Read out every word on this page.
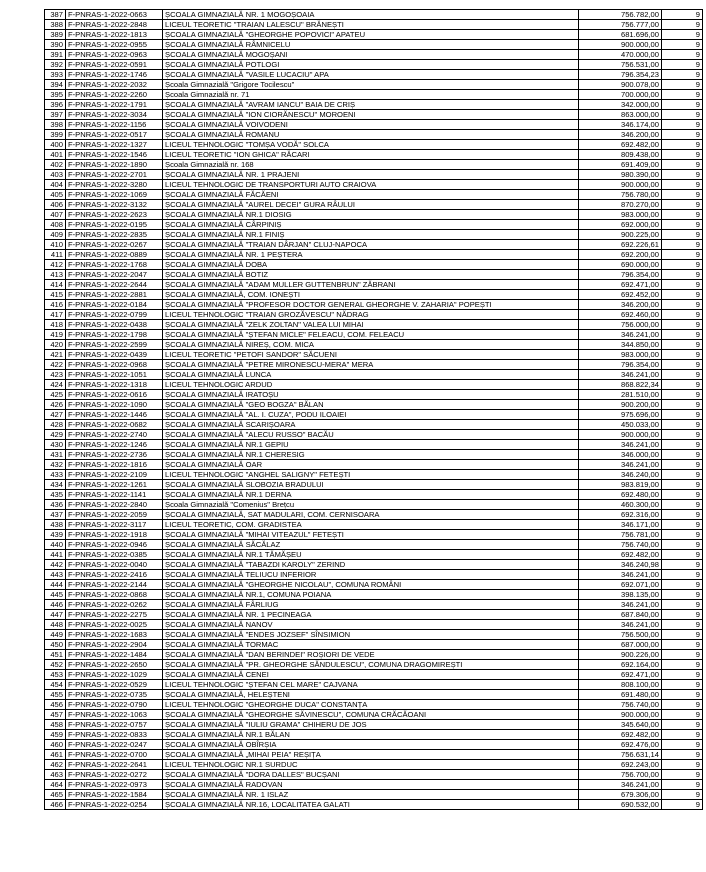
387	F-PNRAS-1-2022-0663	ȘCOALA GIMNAZIALĂ NR. 1 MOGOȘOAIA	756.782,00	9
388	F-PNRAS-1-2022-2848	LICEUL TEORETIC "TRAIAN LALESCU" BRĂNEȘTI	756.777,00	9
389	F-PNRAS-1-2022-1813	ȘCOALA GIMNAZIALĂ "GHEORGHE POPOVICI" APATEU	681.696,00	9
390	F-PNRAS-1-2022-0955	ȘCOALA GIMNAZIALĂ RÂMNICELU	900.000,00	9
391	F-PNRAS-1-2022-0963	ȘCOALA GIMNAZIALĂ MOGOȘANI	470.000,00	9
392	F-PNRAS-1-2022-0591	ȘCOALA GIMNAZIALĂ POTLOGI	756.531,00	9
393	F-PNRAS-1-2022-1746	ȘCOALA GIMNAZIALĂ "VASILE LUCACIU" APA	796.354,23	9
394	F-PNRAS-1-2022-2032	Școala Gimnazială "Grigore Tocilescu"	900.078,00	9
395	F-PNRAS-1-2022-2260	Școala Gimnazială nr. 71	700.000,00	9
396	F-PNRAS-1-2022-1791	ȘCOALA GIMNAZIALĂ "AVRAM IANCU" BAIA DE CRIȘ	342.000,00	9
397	F-PNRAS-1-2022-3034	ȘCOALA GIMNAZIALĂ "ION CIORĂNESCU" MOROENI	863.000,00	9
398	F-PNRAS-1-2022-1156	ȘCOALA GIMNAZIALĂ VOIVODENI	346.174,00	9
399	F-PNRAS-1-2022-0517	ȘCOALA GIMNAZIALĂ ROMANU	346.200,00	9
400	F-PNRAS-1-2022-1327	LICEUL TEHNOLOGIC "TOMȘA VODĂ" SOLCA	692.482,00	9
401	F-PNRAS-1-2022-1546	LICEUL TEORETIC "ION GHICA" RĂCARI	809.438,00	9
402	F-PNRAS-1-2022-1890	Școala Gimnazială nr. 168	691.409,00	9
403	F-PNRAS-1-2022-2701	ȘCOALA GIMNAZIALĂ NR. 1 PRAJENI	980.390,00	9
404	F-PNRAS-1-2022-3280	LICEUL TEHNOLOGIC DE TRANSPORTURI AUTO CRAIOVA	900.000,00	9
405	F-PNRAS-1-2022-1069	ȘCOALA GIMNAZIALĂ FĂCĂENI	756.780,00	9
406	F-PNRAS-1-2022-3132	ȘCOALA GIMNAZIALĂ "AUREL DECEI" GURA RÂULUI	870.270,00	9
407	F-PNRAS-1-2022-2623	ȘCOALA GIMNAZIALĂ NR.1 DIOSIG	983.000,00	9
408	F-PNRAS-1-2022-0195	ȘCOALA GIMNAZIALĂ CÂRPINIȘ	692.000,00	9
409	F-PNRAS-1-2022-2835	ȘCOALA GIMNAZIALĂ NR.1 FINIȘ	900.225,00	9
410	F-PNRAS-1-2022-0267	ȘCOALA GIMNAZIALĂ "TRAIAN DÂRJAN" CLUJ-NAPOCA	692.226,61	9
411	F-PNRAS-1-2022-0889	ȘCOALA GIMNAZIALĂ NR. 1 PEȘTERA	692.200,00	9
412	F-PNRAS-1-2022-1768	ȘCOALA GIMNAZIALĂ DOBA	690.000,00	9
413	F-PNRAS-1-2022-2047	ȘCOALA GIMNAZIALĂ BOTIZ	796.354,00	9
414	F-PNRAS-1-2022-2644	ȘCOALA GIMNAZIALĂ "ADAM MULLER GUTTENBRUN" ZĂBRANI	692.471,00	9
415	F-PNRAS-1-2022-2881	ȘCOALA GIMNAZIALĂ, COM. IONEȘTI	692.452,00	9
416	F-PNRAS-1-2022-0184	ȘCOALA GIMNAZIALĂ "PROFESOR DOCTOR GENERAL GHEORGHE V. ZAHARIA" POPEȘTI	346.200,00	9
417	F-PNRAS-1-2022-0799	LICEUL TEHNOLOGIC "TRAIAN GROZĂVESCU" NĂDRAG	692.460,00	9
418	F-PNRAS-1-2022-0438	ȘCOALA GIMNAZIALĂ "ZELK ZOLTAN" VALEA LUI MIHAI	756.000,00	9
419	F-PNRAS-1-2022-1798	ȘCOALA GIMNAZIALĂ "ȘTEFAN MICLE" FELEACU, COM. FELEACU	346.241,00	9
420	F-PNRAS-1-2022-2599	ȘCOALA GIMNAZIALĂ NIREȘ, COM. MICA	344.850,00	9
421	F-PNRAS-1-2022-0439	LICEUL TEORETIC "PETOFI SANDOR" SĂCUENI	983.000,00	9
422	F-PNRAS-1-2022-0968	ȘCOALA GIMNAZIALĂ "PETRE MIRONESCU-MERA" MERA	796.354,00	9
423	F-PNRAS-1-2022-1051	ȘCOALA GIMNAZIALĂ LUNCA	346.241,00	9
424	F-PNRAS-1-2022-1318	LICEUL TEHNOLOGIC ARDUD	868.822,34	9
425	F-PNRAS-1-2022-0616	ȘCOALA GIMNAZIALĂ IRATOȘU	281.510,00	9
426	F-PNRAS-1-2022-1090	ȘCOALA GIMNAZIALĂ "GEO BOGZA" BĂLAN	900.200,00	9
427	F-PNRAS-1-2022-1446	ȘCOALA GIMNAZIALĂ "AL. I. CUZA", PODU ILOAIEI	975.696,00	9
428	F-PNRAS-1-2022-0682	ȘCOALA GIMNAZIALĂ SCARIȘOARA	450.033,00	9
429	F-PNRAS-1-2022-2740	ȘCOALA GIMNAZIALĂ "ALECU RUSSO" BACĂU	900.000,00	9
430	F-PNRAS-1-2022-1246	ȘCOALA GIMNAZIALĂ NR.1 GEPIU	346.241,00	9
431	F-PNRAS-1-2022-2736	ȘCOALA GIMNAZIALĂ NR.1 CHERESIG	346.000,00	9
432	F-PNRAS-1-2022-1816	ȘCOALA GIMNAZIALĂ OAR	346.241,00	9
433	F-PNRAS-1-2022-2109	LICEUL TEHNOLOGIC "ANGHEL SALIGNY" FETEȘTI	346.240,00	9
434	F-PNRAS-1-2022-1261	ȘCOALA GIMNAZIALĂ SLOBOZIA BRADULUI	983.819,00	9
435	F-PNRAS-1-2022-1141	ȘCOALA GIMNAZIALĂ NR.1 DERNA	692.480,00	9
436	F-PNRAS-1-2022-2840	Școala Gimnazială "Comenius" Brețcu	460.300,00	9
437	F-PNRAS-1-2022-2059	ȘCOALA GIMNAZIALĂ, SAT MADULARI, COM. CERNISOARA	692.316,00	9
438	F-PNRAS-1-2022-3117	LICEUL TEORETIC, COM. GRADISTEA	346.171,00	9
439	F-PNRAS-1-2022-1918	ȘCOALA GIMNAZIALĂ "MIHAI VITEAZUL" FETEȘTI	756.781,00	9
440	F-PNRAS-1-2022-0946	ȘCOALA GIMNAZIALĂ SĂCĂLAZ	756.740,00	9
441	F-PNRAS-1-2022-0385	ȘCOALA GIMNAZIALĂ NR.1 TĂMĂȘEU	692.482,00	9
442	F-PNRAS-1-2022-0040	ȘCOALA GIMNAZIALĂ "TABAZDI KAROLY" ZERIND	346.240,98	9
443	F-PNRAS-1-2022-2416	ȘCOALA GIMNAZIALĂ TELIUCU INFERIOR	346.241,00	9
444	F-PNRAS-1-2022-2144	ȘCOALA GIMNAZIALĂ "GHEORGHE NICOLAU", COMUNA ROMÂNI	692.071,00	9
445	F-PNRAS-1-2022-0868	ȘCOALA GIMNAZIALĂ NR.1, COMUNA POIANA	398.135,00	9
446	F-PNRAS-1-2022-0262	ȘCOALA GIMNAZIALĂ FÂRLIUG	346.241,00	9
447	F-PNRAS-1-2022-2275	ȘCOALA GIMNAZIALĂ NR. 1 PECINEAGA	687.840,00	9
448	F-PNRAS-1-2022-0025	ȘCOALA GIMNAZIALĂ NANOV	346.241,00	9
449	F-PNRAS-1-2022-1683	ȘCOALA GIMNAZIALĂ "ENDES JOZSEF" SÎNSIMION	756.500,00	9
450	F-PNRAS-1-2022-2904	ȘCOALA GIMNAZIALĂ TORMAC	687.000,00	9
451	F-PNRAS-1-2022-1484	ȘCOALA GIMNAZIALĂ "DAN BERINDEI" ROȘIORI DE VEDE	900.226,00	9
452	F-PNRAS-1-2022-2650	ȘCOALA GIMNAZIALĂ "PR. GHEORGHE SĂNDULESCU", COMUNA DRAGOMIREȘTI	692.164,00	9
453	F-PNRAS-1-2022-1029	ȘCOALA GIMNAZIALĂ CENEI	692.471,00	9
454	F-PNRAS-1-2022-0529	LICEUL TEHNOLOGIC "ȘTEFAN CEL MARE" CAJVANA	808.100,00	9
455	F-PNRAS-1-2022-0735	ȘCOALA GIMNAZIALĂ, HELEȘTENI	691.480,00	9
456	F-PNRAS-1-2022-0790	LICEUL TEHNOLOGIC "GHEORGHE DUCA" CONSTANȚA	756.740,00	9
457	F-PNRAS-1-2022-1063	ȘCOALA GIMNAZIALĂ "GHEORGHE SĂVINESCU", COMUNA CRĂCĂOANI	900.000,00	9
458	F-PNRAS-1-2022-0757	ȘCOALA GIMNAZIALĂ "IULIU GRAMA" CHIHERU DE JOS	345.640,00	9
459	F-PNRAS-1-2022-0833	ȘCOALA GIMNAZIALĂ NR.1 BĂLAN	692.482,00	9
460	F-PNRAS-1-2022-0247	ȘCOALA GIMNAZIALĂ OBÎRȘIA	692.476,00	9
461	F-PNRAS-1-2022-0700	ȘCOALA GIMNAZIALĂ „MIHAI PEIA" REȘIȚA	756.631,14	9
462	F-PNRAS-1-2022-2641	LICEUL TEHNOLOGIC NR.1 SURDUC	692.243,00	9
463	F-PNRAS-1-2022-0272	ȘCOALA GIMNAZIALĂ "DORA DALLES" BUCȘANI	756.700,00	9
464	F-PNRAS-1-2022-0973	ȘCOALA GIMNAZIALĂ RADOVAN	346.241,00	9
465	F-PNRAS-1-2022-1584	ȘCOALA GIMNAZIALĂ NR. 1 ISLAZ	679.306,00	9
466	F-PNRAS-1-2022-0254	ȘCOALA GIMNAZIALĂ NR.16, LOCALITATEA GALATI	690.532,00	9
